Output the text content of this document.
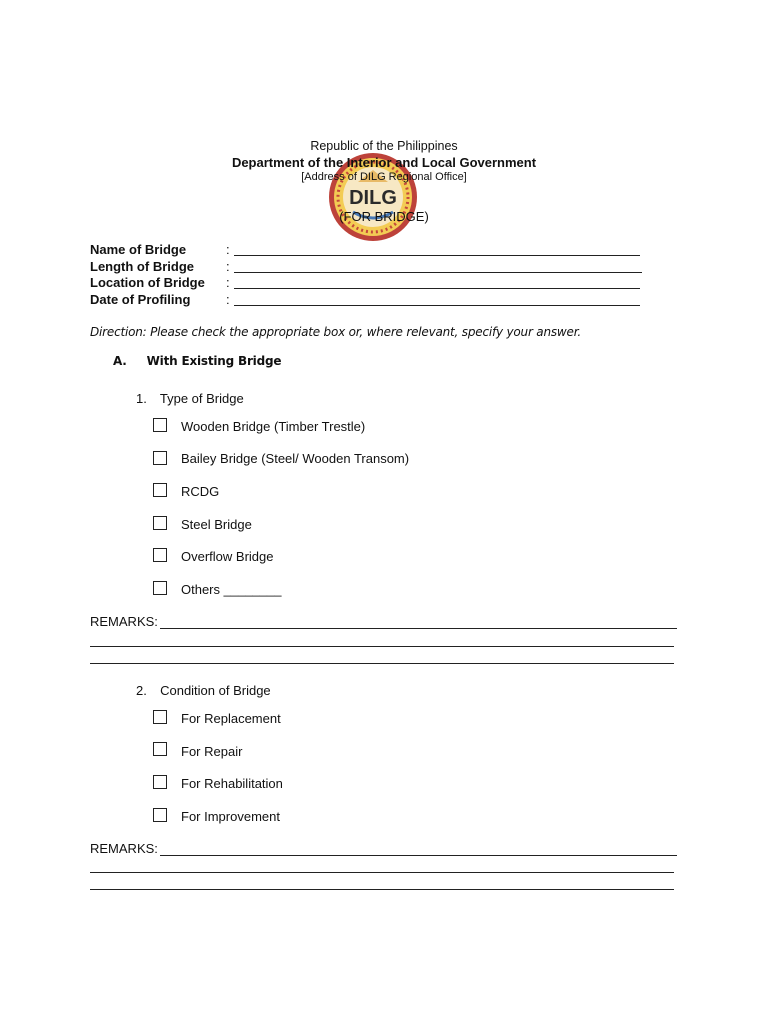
DILG
Republic of the Philippines
Department of the Interior and Local Government
[Address of DILG Regional Office]
(FOR BRIDGE)
Name of Bridge	:
Length of Bridge	:
Location of Bridge	:
Date of Profiling	:
Direction: Please check the appropriate box or, where relevant, specify your answer.
A. With Existing Bridge
1. Type of Bridge
Wooden Bridge (Timber Trestle)
Bailey Bridge (Steel/ Wooden Transom)
RCDG
Steel Bridge
Overflow Bridge
Others ________
REMARKS:
2. Condition of Bridge
For Replacement
For Repair
For Rehabilitation
For Improvement
REMARKS:
